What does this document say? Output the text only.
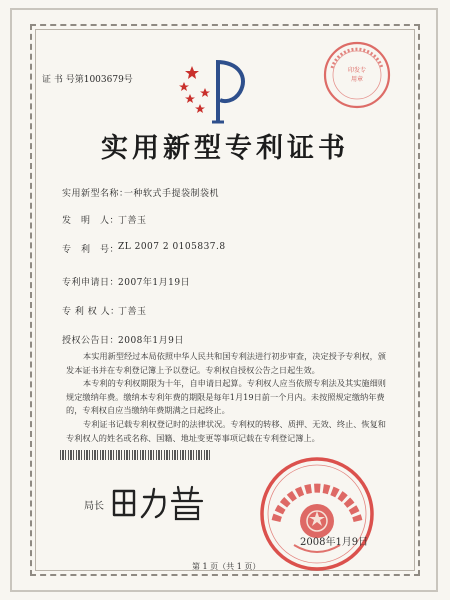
证 书 号第1003679号
印发专
用章
实用新型专利证书
实用新型名称：
一种软式手提袋制袋机
发　明　人：
丁善玉
专　利　号：
ZL 2007 2 0105837.8
专利申请日：
2007年1月19日
专 利 权 人：
丁善玉
授权公告日：
2008年1月9日

本实用新型经过本局依照中华人民共和国专利法进行初步审查，决定授予专利权，颁发本证书并在专利登记簿上予以登记。专利权自授权公告之日起生效。

本专利的专利权期限为十年，自申请日起算。专利权人应当依照专利法及其实施细则规定缴纳年费。缴纳本专利年费的期限是每年1月19日前一个月内。未按照规定缴纳年费的，专利权自应当缴纳年费期满之日起终止。

专利证书记载专利权登记时的法律状况。专利权的转移、质押、无效、终止、恢复和专利权人的姓名或名称、国籍、地址变更等事项记载在专利登记簿上。

局长
2008年1月9日
第 1 页（共 1 页）
